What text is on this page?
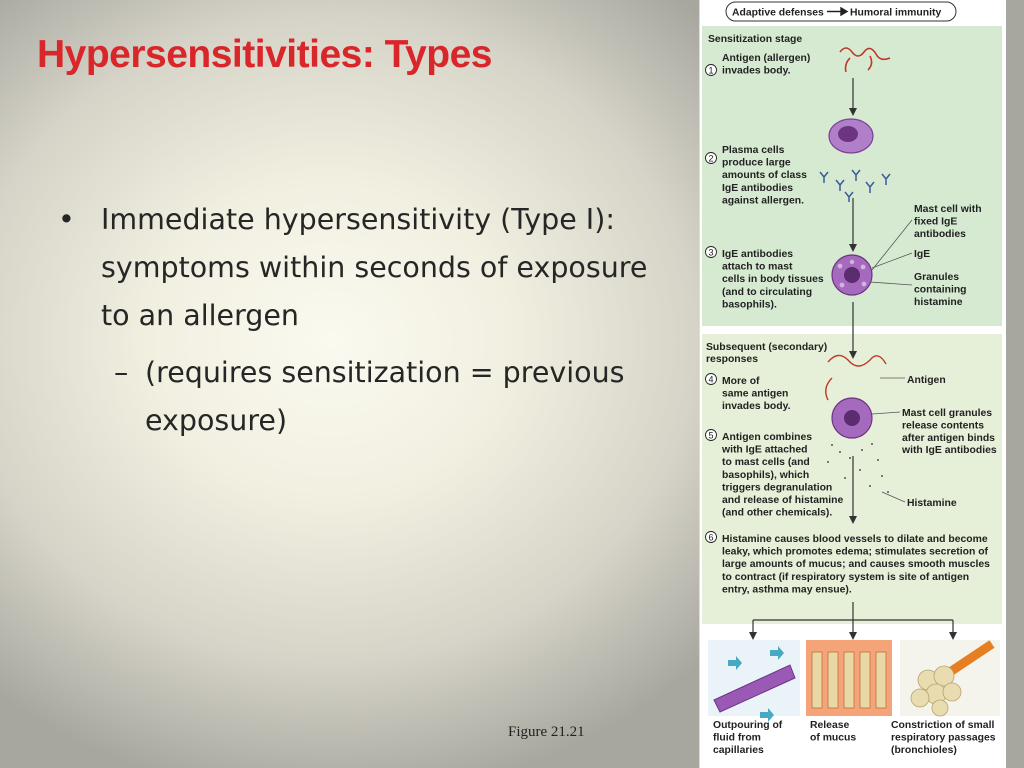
Hypersensitivities: Types
• Immediate hypersensitivity (Type I): symptoms within seconds of exposure to an allergen
– (requires sensitization = previous exposure)
Figure 21.21
Adaptive defenses	Humoral immunity
Sensitization stage
Subsequent (secondary) responses
1
Antigen (allergen) invades body.
2
Plasma cells produce large amounts of class IgE antibodies against allergen.
3 IgE antibodies attach to mast cells in body tissues (and to circulating basophils).
4 More of same antigen invades body.
5 Antigen combines with IgE attached to mast cells (and basophils), which triggers degranulation and release of histamine (and other chemicals).
6 Histamine causes blood vessels to dilate and become leaky, which promotes edema; stimulates secretion of large amounts of mucus; and causes smooth muscles to contract (if respiratory system is site of antigen entry, asthma may ensue).
Mast cell with fixed IgE antibodies
IgE
Granules containing histamine
Antigen
Mast cell granules release contents after antigen binds with IgE antibodies
Histamine
Outpouring of fluid from capillaries
Release of mucus
Constriction of small respiratory passages (bronchioles)
